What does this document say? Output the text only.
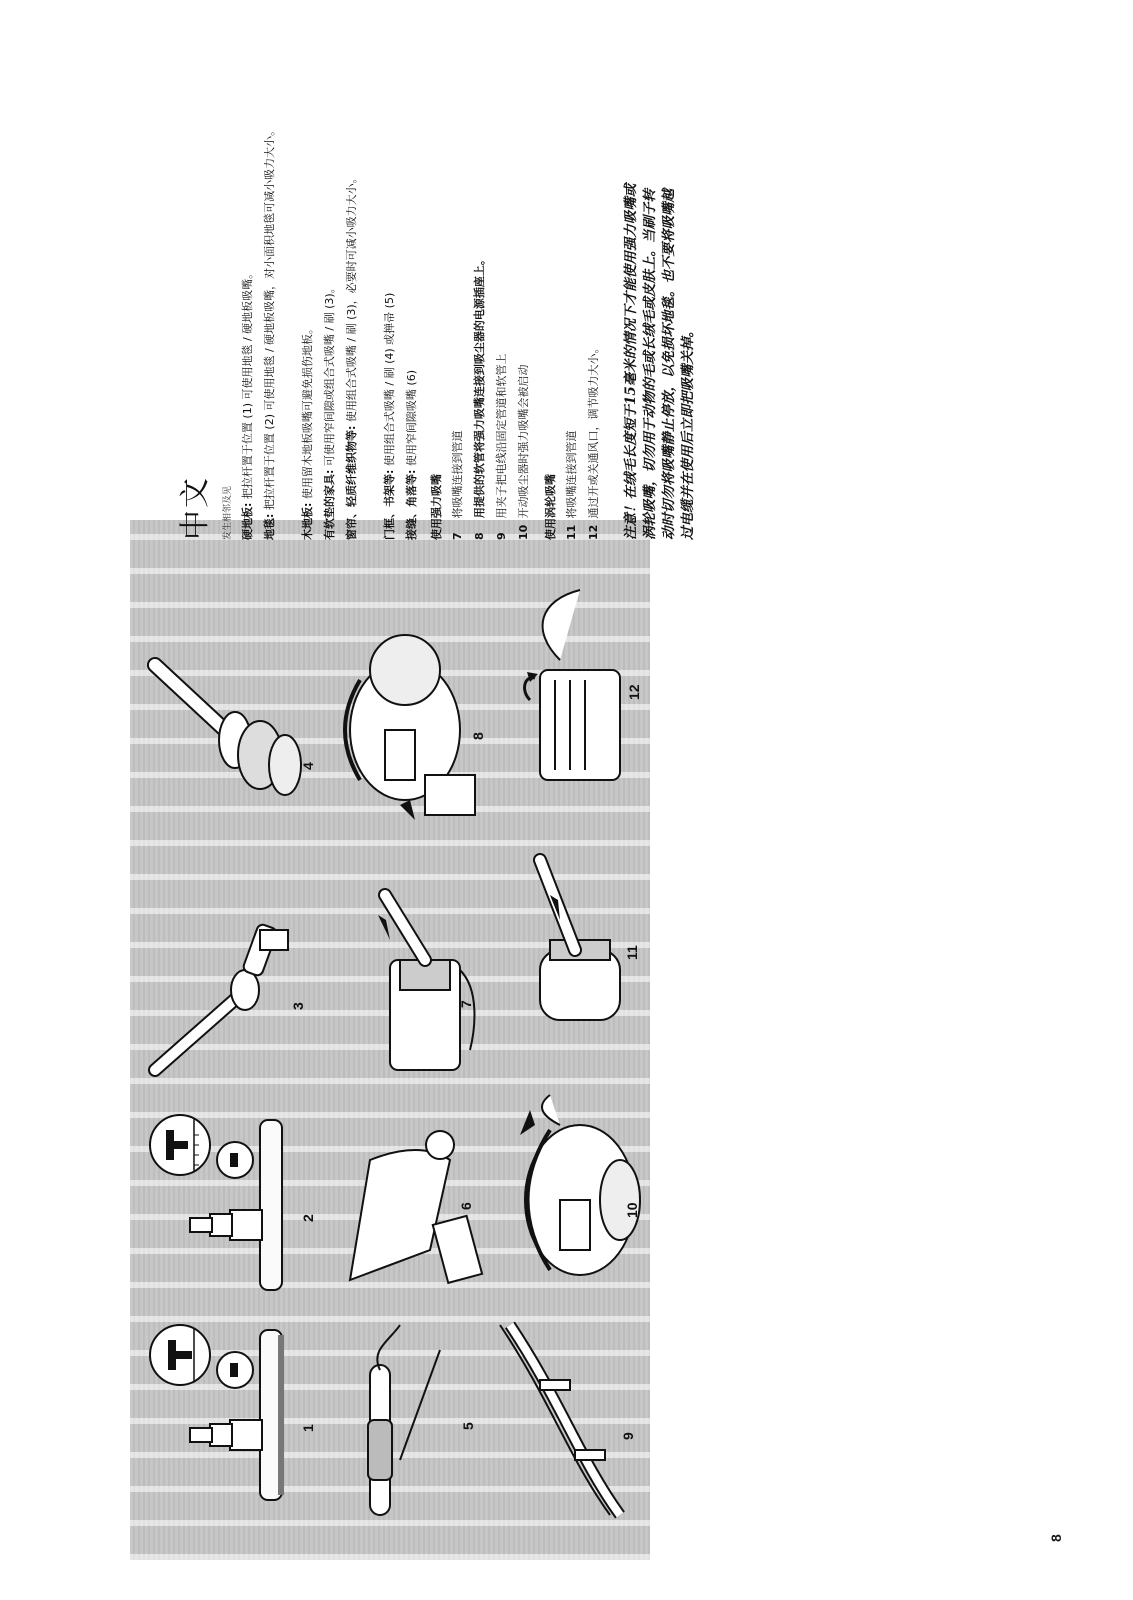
1
2
3
4
5
6
7
8
9
10
11
12
中文	发生相邻及见 硬地板: 把拉杆置于位置 (1) 可使用地毯 / 硬地板吸嘴。
地毯: 把拉杆置于位置 (2) 可使用地毯 / 硬地板吸嘴，对小面积地毯可减小吸力大小。
木地板: 使用留木地板吸嘴可避免损伤地板。
有软垫的家具: 可使用窄间隙或组合式吸嘴 / 刷 (3)。
窗帘、轻质纤维织物等: 使用组合式吸嘴 / 刷 (3)，必要时可减小吸力大小。
门框、书架等: 使用组合式吸嘴 / 刷 (4) 或掸帚 (5)
接缝、角落等: 使用窄间隙吸嘴 (6)
使用强力吸嘴 7 将吸嘴连接到管道
8 用提供的软管将强力吸嘴连接到吸尘器的电源插座上。
9 用夹子把电线沿固定管道和软管上
10 开动吸尘器时强力吸嘴会被启动 使用涡轮吸嘴 11 将吸嘴连接到管道
12 通过开或关通风口，调节吸力大小。 注意！在绒毛长度短于15毫米的情况下才能使用强力吸嘴或涡轮吸嘴，切勿用于动物的毛或长绒毛或皮肤上。当刷子转动时切勿将吸嘴静止停放，以免损坏地毯。也不要将吸嘴越过电缆并在使用后立即把吸嘴关掉。
8
